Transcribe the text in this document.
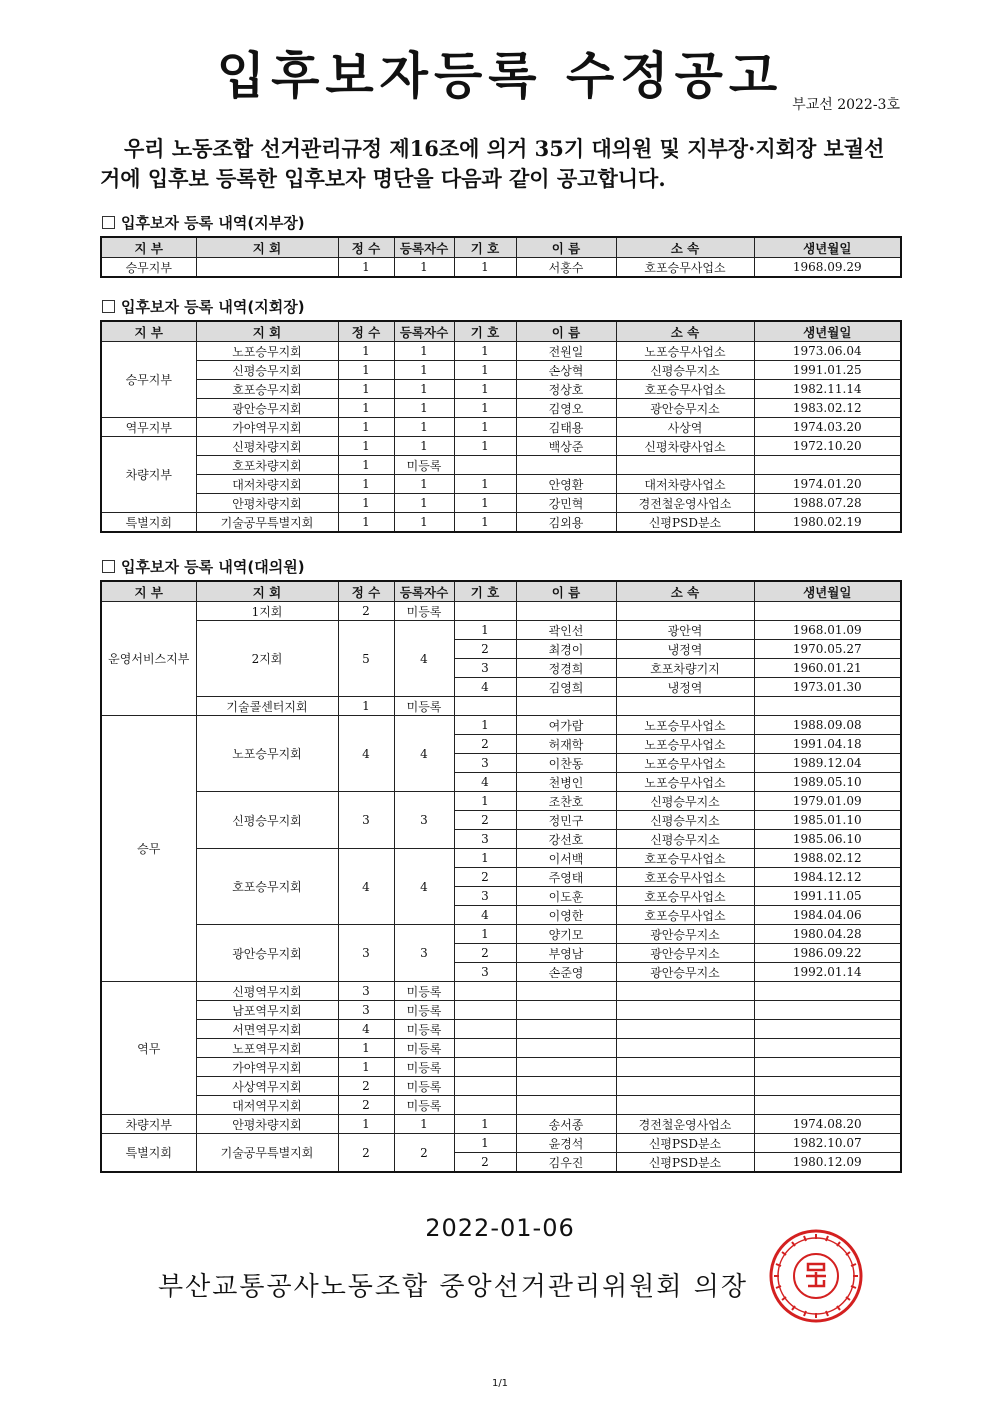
입후보자등록 수정공고 부교선 2022-3호
우리 노동조합 선거관리규정 제16조에 의거 35기 대의원 및 지부장·지회장 보궐선거에 입후보 등록한 입후보자 명단을 다음과 같이 공고합니다.
입후보자 등록 내역(지부장)
지 부	지 회	정 수	등록자수	기 호	이 름	소 속	생년월일
승무지부		1	1	1	서홍수	호포승무사업소	1968.09.29
입후보자 등록 내역(지회장)
지 부	지 회	정 수	등록자수	기 호	이 름	소 속	생년월일
승무지부	노포승무지회	1	1	1	전원일	노포승무사업소	1973.06.04
	신평승무지회	1	1	1	손상혁	신평승무지소	1991.01.25
	호포승무지회	1	1	1	정상호	호포승무사업소	1982.11.14
	광안승무지회	1	1	1	김영오	광안승무지소	1983.02.12
역무지부	가야역무지회	1	1	1	김태용	사상역	1974.03.20
차량지부	신평차량지회	1	1	1	백상준	신평차량사업소	1972.10.20
	호포차량지회	1	미등록				
	대저차량지회	1	1	1	안영환	대저차량사업소	1974.01.20
	안평차량지회	1	1	1	강민혁	경전철운영사업소	1988.07.28
특별지회	기술공무특별지회	1	1	1	김외용	신평PSD분소	1980.02.19
입후보자 등록 내역(대의원)
지 부	지 회	정 수	등록자수	기 호	이 름	소 속	생년월일
운영서비스지부	1지회	2	미등록				
	2지회	5	4	1	곽인선	광안역	1968.01.09
				2	최경이	냉정역	1970.05.27
				3	정경희	호포차량기지	1960.01.21
				4	김영희	냉정역	1973.01.30
	기술콜센터지회	1	미등록				
승무	노포승무지회	4	4	1	여가람	노포승무사업소	1988.09.08
				2	허재학	노포승무사업소	1991.04.18
				3	이찬동	노포승무사업소	1989.12.04
				4	천병인	노포승무사업소	1989.05.10
	신평승무지회	3	3	1	조찬호	신평승무지소	1979.01.09
				2	정민구	신평승무지소	1985.01.10
				3	강선호	신평승무지소	1985.06.10
	호포승무지회	4	4	1	이서백	호포승무사업소	1988.02.12
				2	주영태	호포승무사업소	1984.12.12
				3	이도훈	호포승무사업소	1991.11.05
				4	이영한	호포승무사업소	1984.04.06
	광안승무지회	3	3	1	양기모	광안승무지소	1980.04.28
				2	부영남	광안승무지소	1986.09.22
				3	손준영	광안승무지소	1992.01.14
역무	신평역무지회	3	미등록				
	남포역무지회	3	미등록				
	서면역무지회	4	미등록				
	노포역무지회	1	미등록				
	가야역무지회	1	미등록				
	사상역무지회	2	미등록				
	대저역무지회	2	미등록				
차량지부	안평차량지회	1	1	1	송서종	경전철운영사업소	1974.08.20
특별지회	기술공무특별지회	2	2	1	윤경석	신평PSD분소	1982.10.07
				2	김우진	신평PSD분소	1980.12.09
2022-01-06
부산교통공사노동조합 중앙선거관리위원회 의장
1/1
